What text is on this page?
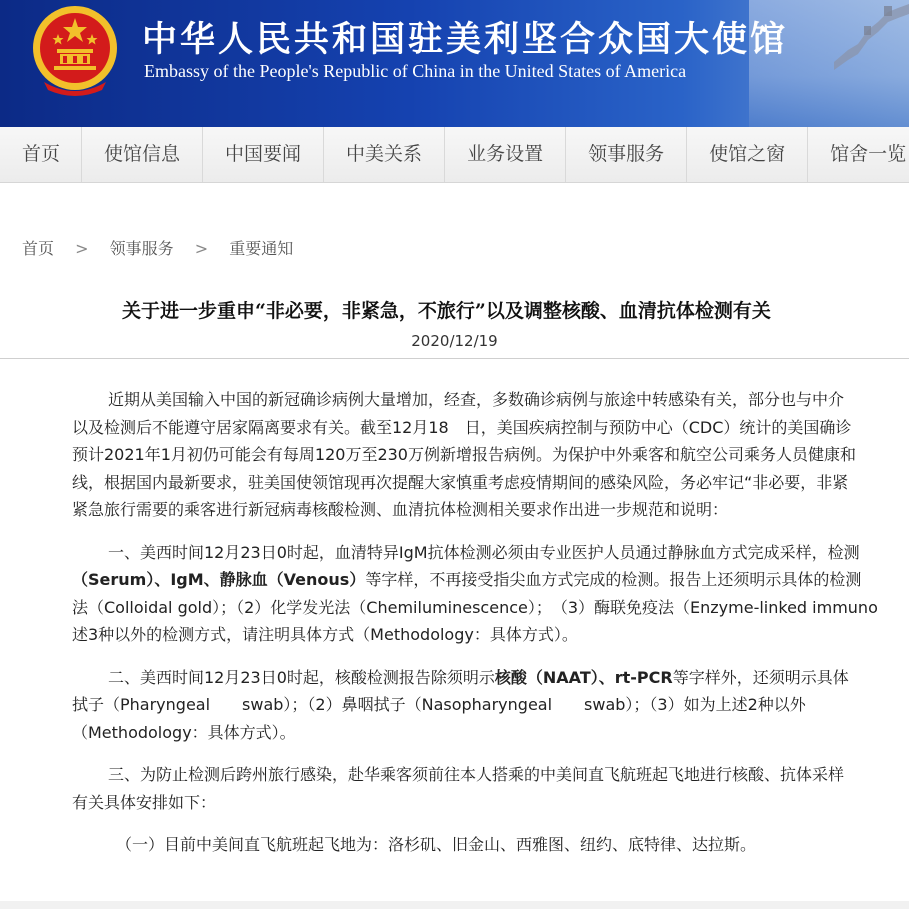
中华人民共和国驻美利坚合众国大使馆
Embassy of the People's Republic of China in the United States of America
首页	使馆信息	中国要闻	中美关系	业务设置	领事服务	使馆之窗	馆舍一览
首页 > 领事服务 > 重要通知
关于进一步重申“非必要，非紧急，不旅行”以及调整核酸、血清抗体检测有关
2020/12/19
近期从美国输入中国的新冠确诊病例大量增加，经查，多数确诊病例与旅途中转感染有关，部分也与中介
以及检测后不能遵守居家隔离要求有关。截至12月18　日，美国疾病控制与预防中心（CDC）统计的美国确诊
预计2021年1月初仍可能会有每周120万至230万例新增报告病例。为保护中外乘客和航空公司乘务人员健康和
线，根据国内最新要求，驻美国使领馆现再次提醒大家慎重考虑疫情期间的感染风险，务必牢记“非必要，非紧
紧急旅行需要的乘客进行新冠病毒核酸检测、血清抗体检测相关要求作出进一步规范和说明：
一、美西时间12月23日0时起，血清特异IgM抗体检测必须由专业医护人员通过静脉血方式完成采样，检测
（Serum）、IgM、静脉血（Venous）等字样，不再接受指尖血方式完成的检测。报告上还须明示具体的检测
法（Colloidal gold）；（2）化学发光法（Chemiluminescence）；　（3）酶联免疫法（Enzyme-linked immuno
述3种以外的检测方式，请注明具体方式（Methodology：具体方式）。
二、美西时间12月23日0时起，核酸检测报告除须明示核酸（NAAT）、rt-PCR等字样外，还须明示具体
拭子（Pharyngeal　　swab）；（2）鼻咽拭子（Nasopharyngeal　　swab）；（3）如为上述2种以外
（Methodology：具体方式）。
三、为防止检测后跨州旅行感染，赴华乘客须前往本人搭乘的中美间直飞航班起飞地进行核酸、抗体采样
有关具体安排如下：
（一）目前中美间直飞航班起飞地为：洛杉矶、旧金山、西雅图、纽约、底特律、达拉斯。
